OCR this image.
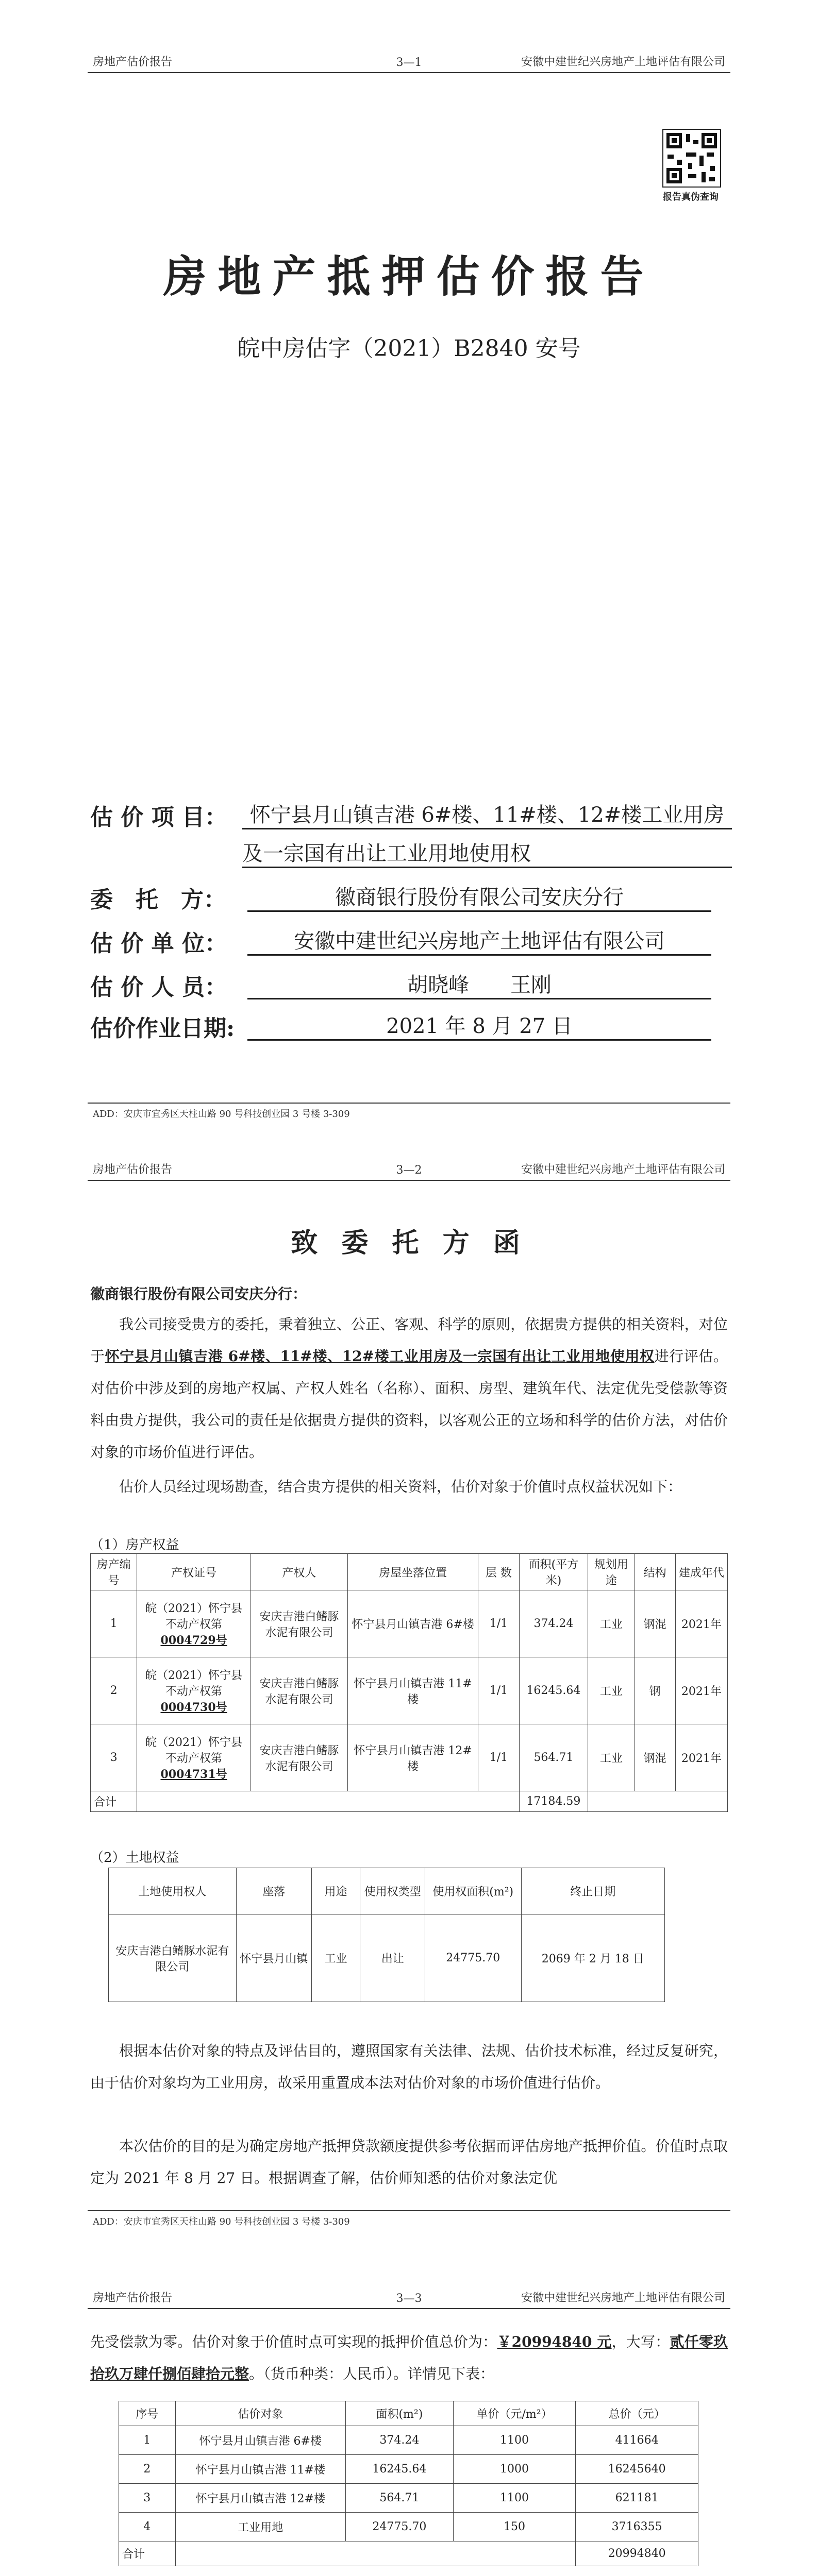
房地产估价报告	3—1	安徽中建世纪兴房地产土地评估有限公司
报告真伪查询
房地产抵押估价报告
皖中房估字（2021）B2840 安号
估 价 项 目：	怀宁县月山镇吉港 6#楼、11#楼、12#楼工业用房
及一宗国有出让工业用地使用权
委　托　方：	徽商银行股份有限公司安庆分行
估 价 单 位：	安徽中建世纪兴房地产土地评估有限公司
估 价 人 员：	胡晓峰　　王刚
估价作业日期:	2021 年 8 月 27 日
ADD：安庆市宜秀区天柱山路 90 号科技创业园 3 号楼 3-309
房地产估价报告	3—2	安徽中建世纪兴房地产土地评估有限公司
致 委 托 方 函
徽商银行股份有限公司安庆分行：

我公司接受贵方的委托，秉着独立、公正、客观、科学的原则，依据贵方提供的相关资料，对位于怀宁县月山镇吉港 6#楼、11#楼、12#楼工业用房及一宗国有出让工业用地使用权进行评估。对估价中涉及到的房地产权属、产权人姓名（名称）、面积、房型、建筑年代、法定优先受偿款等资料由贵方提供，我公司的责任是依据贵方提供的资料，以客观公正的立场和科学的估价方法，对估价对象的市场价值进行评估。

估价人员经过现场勘查，结合贵方提供的相关资料，估价对象于价值时点权益状况如下：

（1）房产权益
房产编号	产权证号	产权人	房屋坐落位置	层 数	面积(平方米)	规划用途	结构	建成年代
1	皖（2021）怀宁县不动产权第
0004729号	安庆吉港白鳍豚水泥有限公司	怀宁县月山镇吉港 6#楼	1/1	374.24	工业	钢混	2021年
2	皖（2021）怀宁县不动产权第
0004730号	安庆吉港白鳍豚水泥有限公司	怀宁县月山镇吉港 11#楼	1/1	16245.64	工业	钢	2021年
3	皖（2021）怀宁县不动产权第
0004731号	安庆吉港白鳍豚水泥有限公司	怀宁县月山镇吉港 12#楼	1/1	564.71	工业	钢混	2021年
合计					17184.59			
（2）土地权益
土地使用权人	座落	用途	使用权类型	使用权面积(m²)	终止日期
安庆吉港白鳍豚水泥有限公司	怀宁县月山镇	工业	出让	24775.70	2069 年 2 月 18 日

根据本估价对象的特点及评估目的，遵照国家有关法律、法规、估价技术标准，经过反复研究，由于估价对象均为工业用房，故采用重置成本法对估价对象的市场价值进行估价。

本次估价的目的是为确定房地产抵押贷款额度提供参考依据而评估房地产抵押价值。价值时点取定为 2021 年 8 月 27 日。根据调查了解，估价师知悉的估价对象法定优

ADD：安庆市宜秀区天柱山路 90 号科技创业园 3 号楼 3-309
房地产估价报告	3—3	安徽中建世纪兴房地产土地评估有限公司

先受偿款为零。估价对象于价值时点可实现的抵押价值总价为：￥20994840 元，大写：贰仟零玖拾玖万肆仟捌佰肆拾元整。（货币种类：人民币）。详情见下表：

序号	估价对象	面积(m²)	单价（元/m²）	总价（元）
1	怀宁县月山镇吉港 6#楼	374.24	1100	411664
2	怀宁县月山镇吉港 11#楼	16245.64	1000	16245640
3	怀宁县月山镇吉港 12#楼	564.71	1100	621181
4	工业用地	24775.70	150	3716355
合计				20994840
